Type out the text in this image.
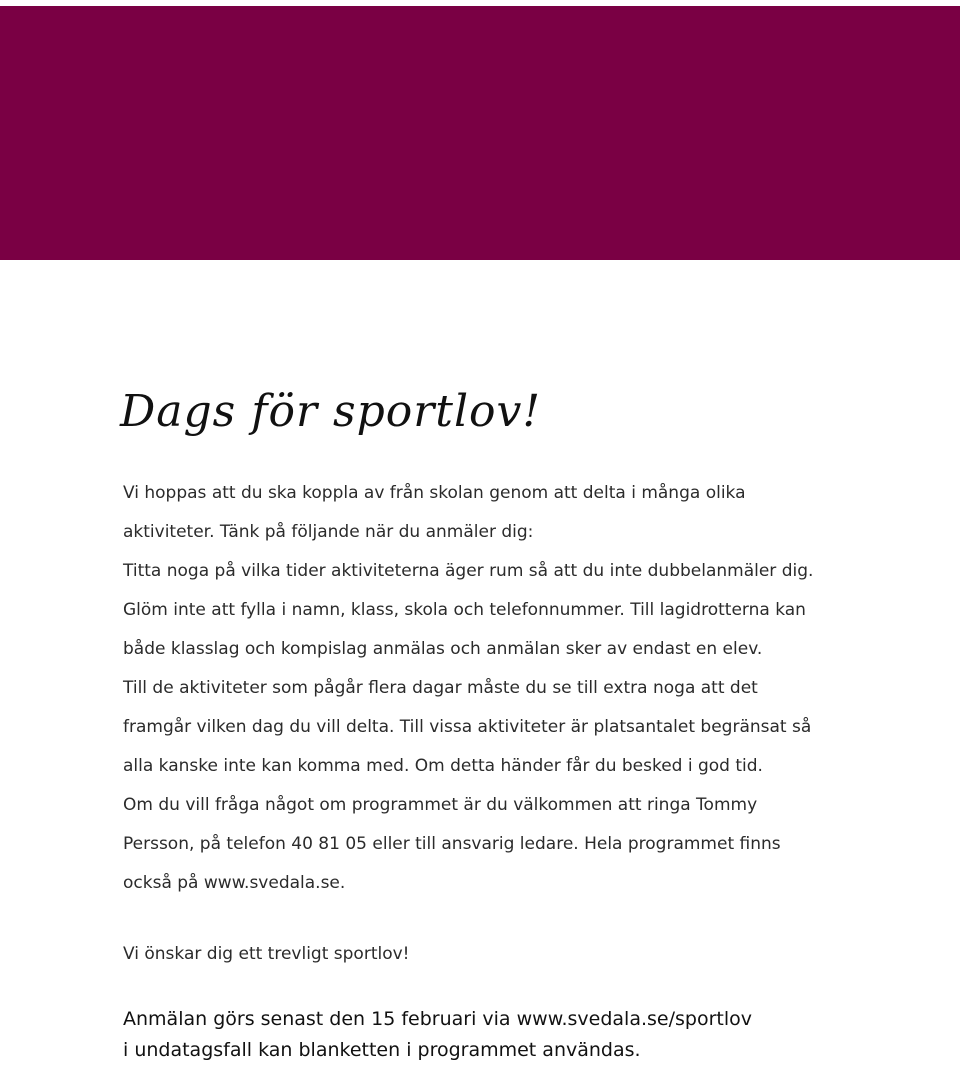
Dags för sportlov!

Vi hoppas att du ska koppla av från skolan genom att delta i många olika aktiviteter. Tänk på följande när du anmäler dig:

Titta noga på vilka tider aktiviteterna äger rum så att du inte dubbelanmäler dig.

Glöm inte att fylla i namn, klass, skola och telefonnummer. Till lagidrotterna kan både klasslag och kompislag anmälas och anmälan sker av endast en elev.

Till de aktiviteter som pågår flera dagar måste du se till extra noga att det framgår vilken dag du vill delta. Till vissa aktiviteter är platsantalet begränsat så alla kanske inte kan komma med. Om detta händer får du besked i god tid.

Om du vill fråga något om programmet är du välkommen att ringa Tommy Persson, på telefon 40 81 05 eller till ansvarig ledare. Hela programmet finns också på www.svedala.se.

Vi önskar dig ett trevligt sportlov!

Anmälan görs senast den 15 februari via www.svedala.se/sportlov

i undatagsfall kan blanketten i programmet användas.
